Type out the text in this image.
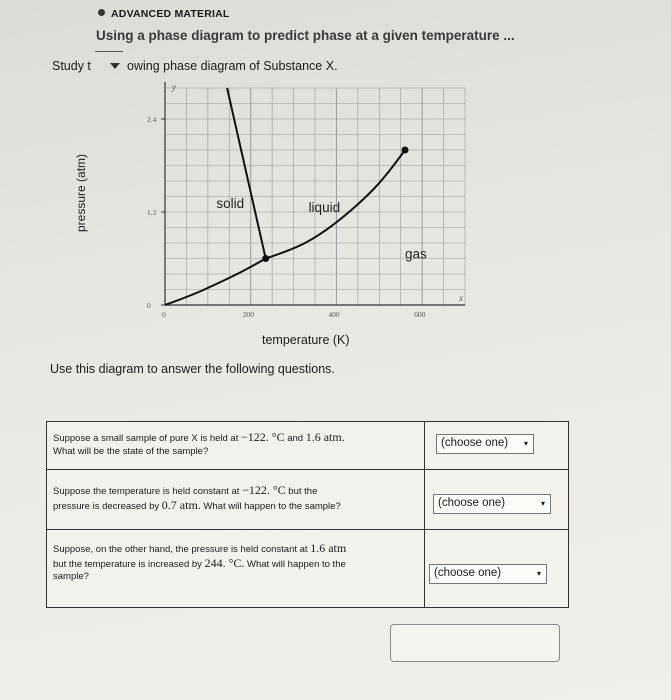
ADVANCED MATERIAL
Using a phase diagram to predict phase at a given temperature ...
Study t	owing phase diagram of Substance X.
solid	liquid
gas
y
x
0	200	400	600
0
1.2
2.4
pressure (atm)
temperature (K)
Use this diagram to answer the following questions.
Suppose a small sample of pure X is held at −122. °C and 1.6 atm.
What will be the state of the sample?
(choose one) ▾
Suppose the temperature is held constant at −122. °C but the
pressure is decreased by 0.7 atm. What will happen to the sample?	(choose one)	▾
Suppose, on the other hand, the pressure is held constant at 1.6 atm
but the temperature is increased by 244. °C. What will happen to the
sample?	(choose one)	▾
